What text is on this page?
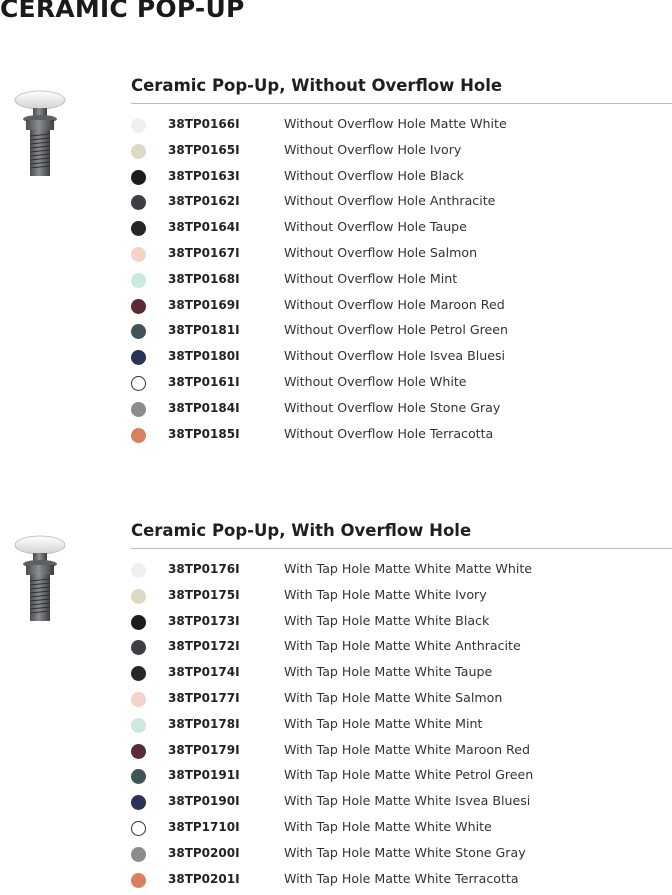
CERAMIC POP-UP
Ceramic Pop-Up, Without Overflow Hole
38TP0166I	Without Overflow Hole Matte White
38TP0165I	Without Overflow Hole Ivory
38TP0163I	Without Overflow Hole Black
38TP0162I	Without Overflow Hole Anthracite
38TP0164I	Without Overflow Hole Taupe
38TP0167I	Without Overflow Hole Salmon
38TP0168I	Without Overflow Hole Mint
38TP0169I	Without Overflow Hole Maroon Red
38TP0181I	Without Overflow Hole Petrol Green
38TP0180I	Without Overflow Hole Isvea Bluesi
38TP0161I	Without Overflow Hole White
38TP0184I	Without Overflow Hole Stone Gray
38TP0185I	Without Overflow Hole Terracotta
Ceramic Pop-Up, With Overflow Hole
38TP0176I	With Tap Hole Matte White Matte White
38TP0175I	With Tap Hole Matte White Ivory
38TP0173I	With Tap Hole Matte White Black
38TP0172I	With Tap Hole Matte White Anthracite
38TP0174I	With Tap Hole Matte White Taupe
38TP0177I	With Tap Hole Matte White Salmon
38TP0178I	With Tap Hole Matte White Mint
38TP0179I	With Tap Hole Matte White Maroon Red
38TP0191I	With Tap Hole Matte White Petrol Green
38TP0190I	With Tap Hole Matte White Isvea Bluesi
38TP1710I	With Tap Hole Matte White White
38TP0200I	With Tap Hole Matte White Stone Gray
38TP0201I	With Tap Hole Matte White Terracotta
